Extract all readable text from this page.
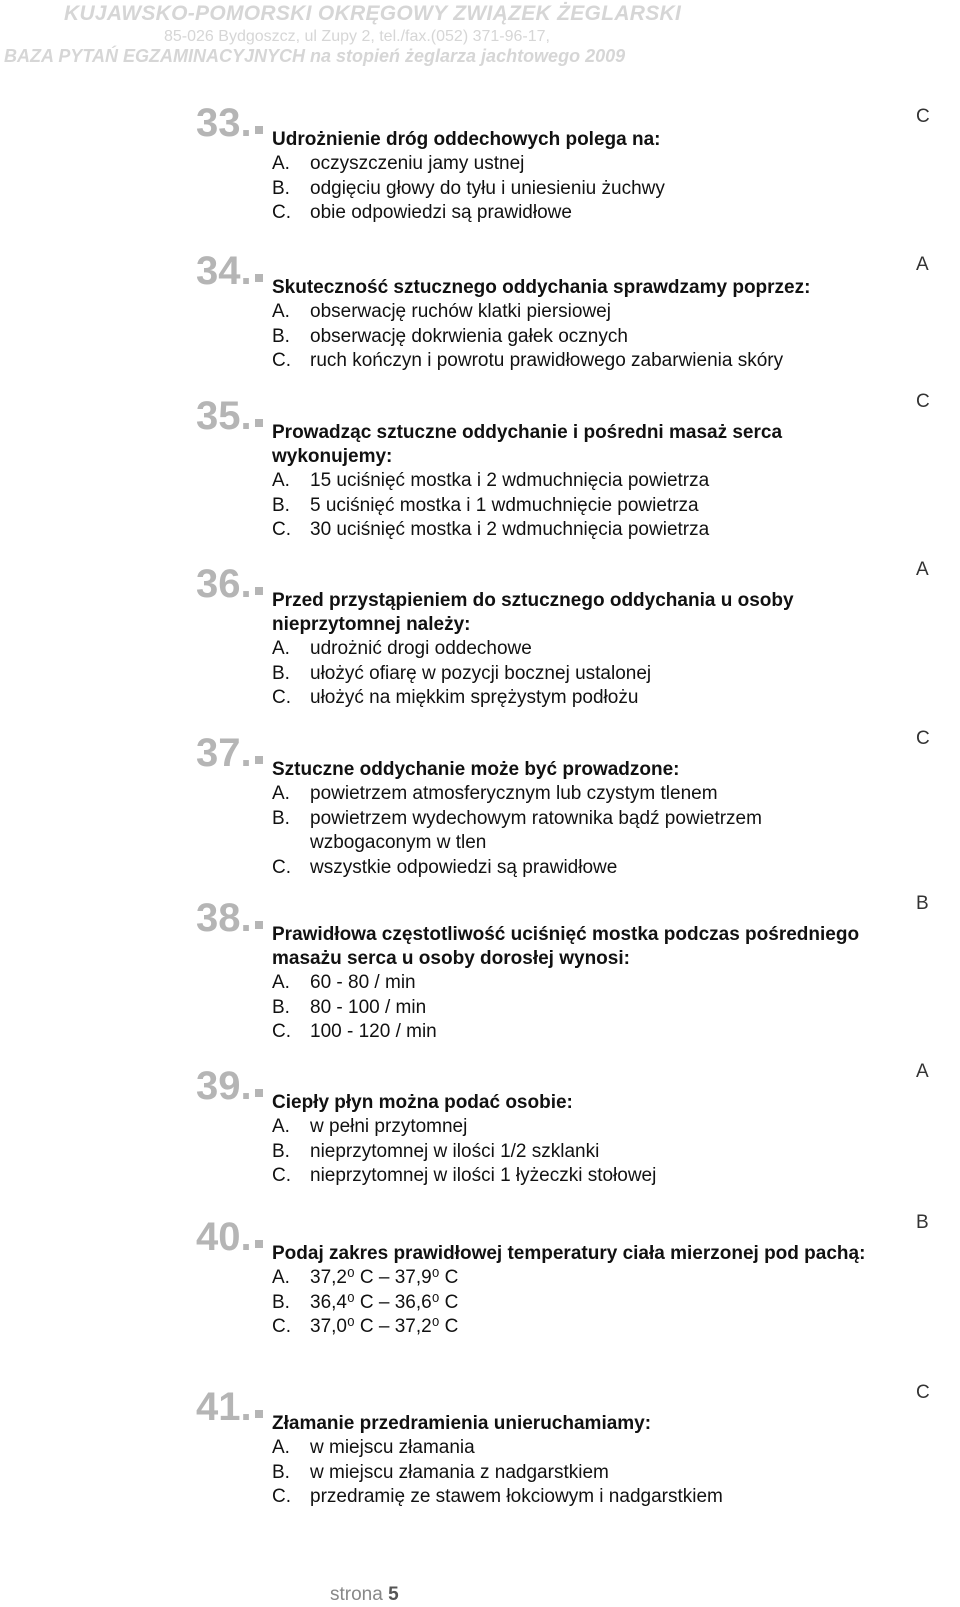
KUJAWSKO-POMORSKI OKRĘGOWY ZWIĄZEK ŻEGLARSKI
85-026 Bydgoszcz, ul Zupy 2, tel./fax.(052) 371-96-17,
BAZA PYTAŃ EGZAMINACYJNYCH na stopień żeglarza jachtowego 2009
33.	Udrożnienie dróg oddechowych polega na:
C
A.	oczyszczeniu jamy ustnej
B.	odgięciu głowy do tyłu i uniesieniu żuchwy
C.	obie odpowiedzi są prawidłowe
34.	Skuteczność sztucznego oddychania sprawdzamy poprzez:
A
A.	obserwację ruchów klatki piersiowej
B.	obserwację dokrwienia gałek ocznych
C.	ruch kończyn i powrotu prawidłowego zabarwienia skóry
35.	Prowadząc sztuczne oddychanie i pośredni masaż serca wykonujemy:
C
A.	15 uciśnięć mostka i 2 wdmuchnięcia powietrza
B.	5 uciśnięć mostka i 1 wdmuchnięcie powietrza
C.	30 uciśnięć mostka i 2 wdmuchnięcia powietrza
36.	Przed przystąpieniem do sztucznego oddychania u osoby nieprzytomnej należy:
A
A.	udrożnić drogi oddechowe
B.	ułożyć ofiarę w pozycji bocznej ustalonej
C.	ułożyć na miękkim sprężystym podłożu
37.	Sztuczne oddychanie może być prowadzone:
C
A.	powietrzem atmosferycznym lub czystym tlenem
B.	powietrzem wydechowym ratownika bądź powietrzem wzbogaconym w tlen
C.	wszystkie odpowiedzi są prawidłowe
38.	Prawidłowa częstotliwość uciśnięć mostka podczas pośredniego masażu serca u osoby dorosłej wynosi:
B
A.	60 - 80 / min
B.	80 - 100 / min
C.	100 - 120 / min
39.	Ciepły płyn można podać osobie:
A
A.	w pełni przytomnej
B.	nieprzytomnej w ilości 1/2 szklanki
C.	nieprzytomnej w ilości 1 łyżeczki stołowej
40.	Podaj zakres prawidłowej temperatury ciała mierzonej pod pachą:
B
A.	37,2⁰ C – 37,9⁰ C
B.	36,4⁰ C – 36,6⁰ C
C.	37,0⁰ C – 37,2⁰ C
41.	Złamanie przedramienia unieruchamiamy:
C
A.	w miejscu złamania
B.	w miejscu złamania z nadgarstkiem
C.	przedramię ze stawem łokciowym i nadgarstkiem
strona 5
